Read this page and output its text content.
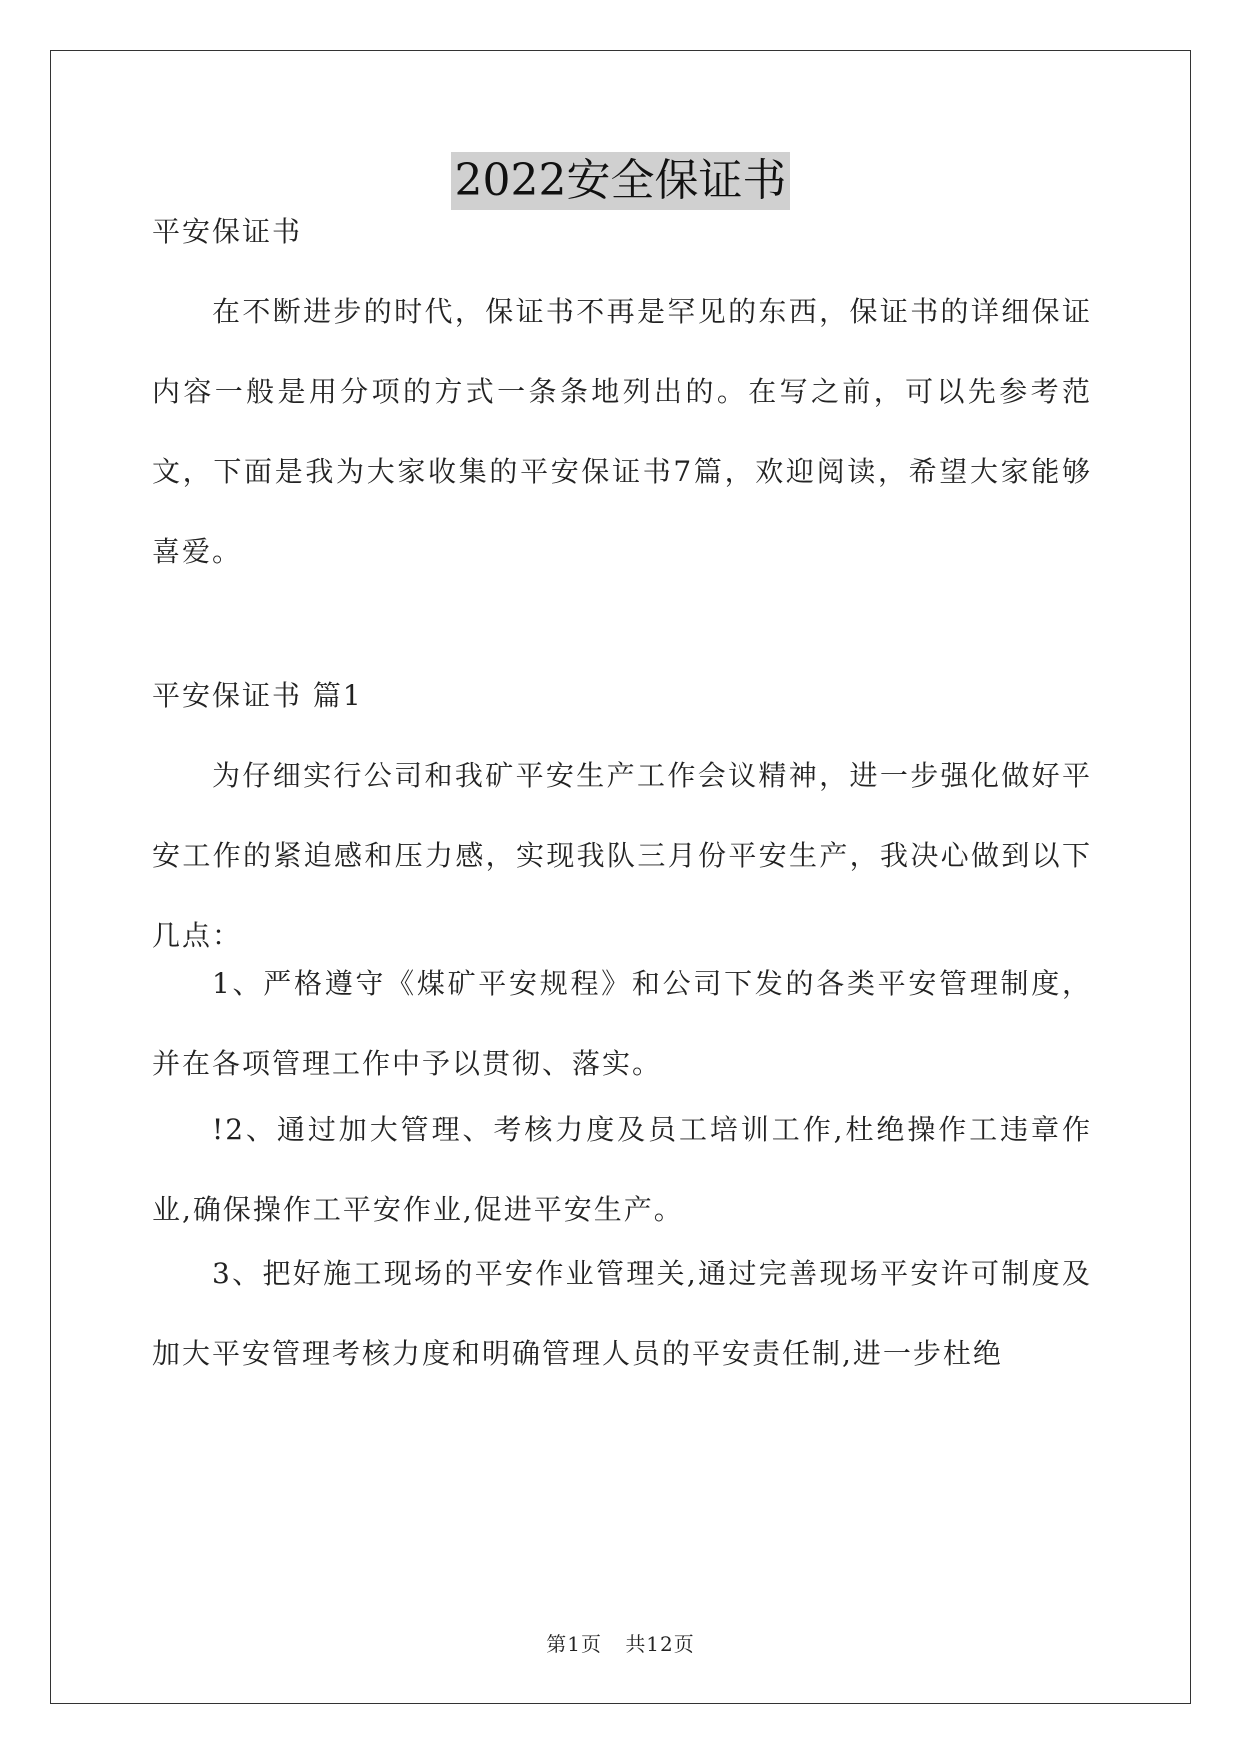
2022安全保证书

平安保证书

在不断进步的时代，保证书不再是罕见的东西，保证书的详细保证内容一般是用分项的方式一条条地列出的。在写之前，可以先参考范文，下面是我为大家收集的平安保证书7篇，欢迎阅读，希望大家能够喜爱。

平安保证书 篇1

为仔细实行公司和我矿平安生产工作会议精神，进一步强化做好平安工作的紧迫感和压力感，实现我队三月份平安生产，我决心做到以下几点：

1、严格遵守《煤矿平安规程》和公司下发的各类平安管理制度，并在各项管理工作中予以贯彻、落实。

!2、通过加大管理、考核力度及员工培训工作,杜绝操作工违章作业,确保操作工平安作业,促进平安生产。

3、把好施工现场的平安作业管理关,通过完善现场平安许可制度及加大平安管理考核力度和明确管理人员的平安责任制,进一步杜绝

第1页 共12页
